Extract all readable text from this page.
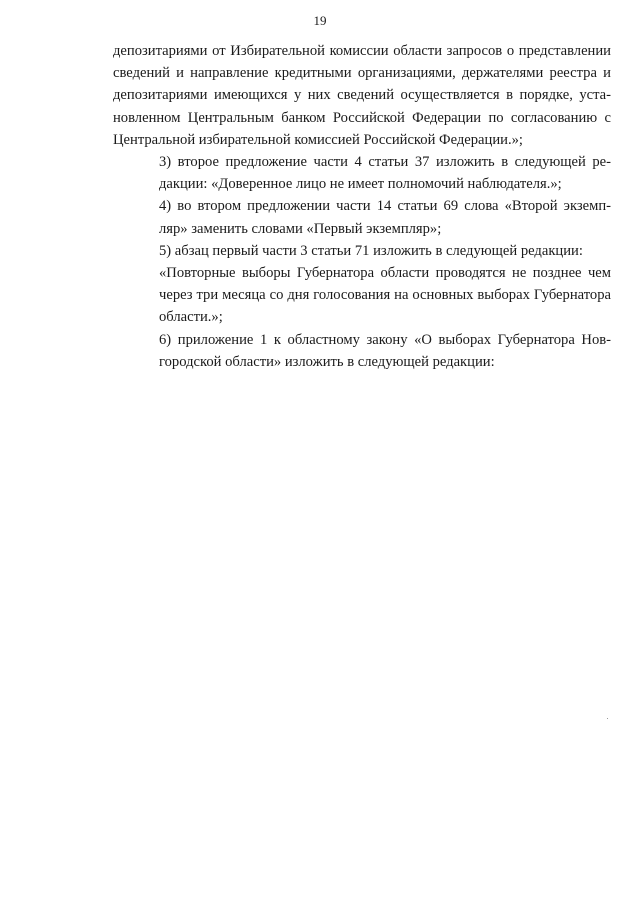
19

депозитариями от Избирательной комиссии области запросов о представлении
сведений и направление кредитными организациями, держателями реестра и
депозитариями имеющихся у них сведений осуществляется в порядке, уста-
новленном Центральным банком Российской Федерации по согласованию с
Центральной избирательной комиссией Российской Федерации.»;

3) второе предложение части 4 статьи 37 изложить в следующей ре-
дакции: «Доверенное лицо не имеет полномочий наблюдателя.»;

4) во втором предложении части 14 статьи 69 слова «Второй экземп-
ляр» заменить словами «Первый экземпляр»;

5) абзац первый части 3 статьи 71 изложить в следующей редакции:

«Повторные выборы Губернатора области проводятся не позднее чем
через три месяца со дня голосования на основных выборах Губернатора
области.»;

6) приложение 1 к областному закону «О выборах Губернатора Нов-
городской области» изложить в следующей редакции:
